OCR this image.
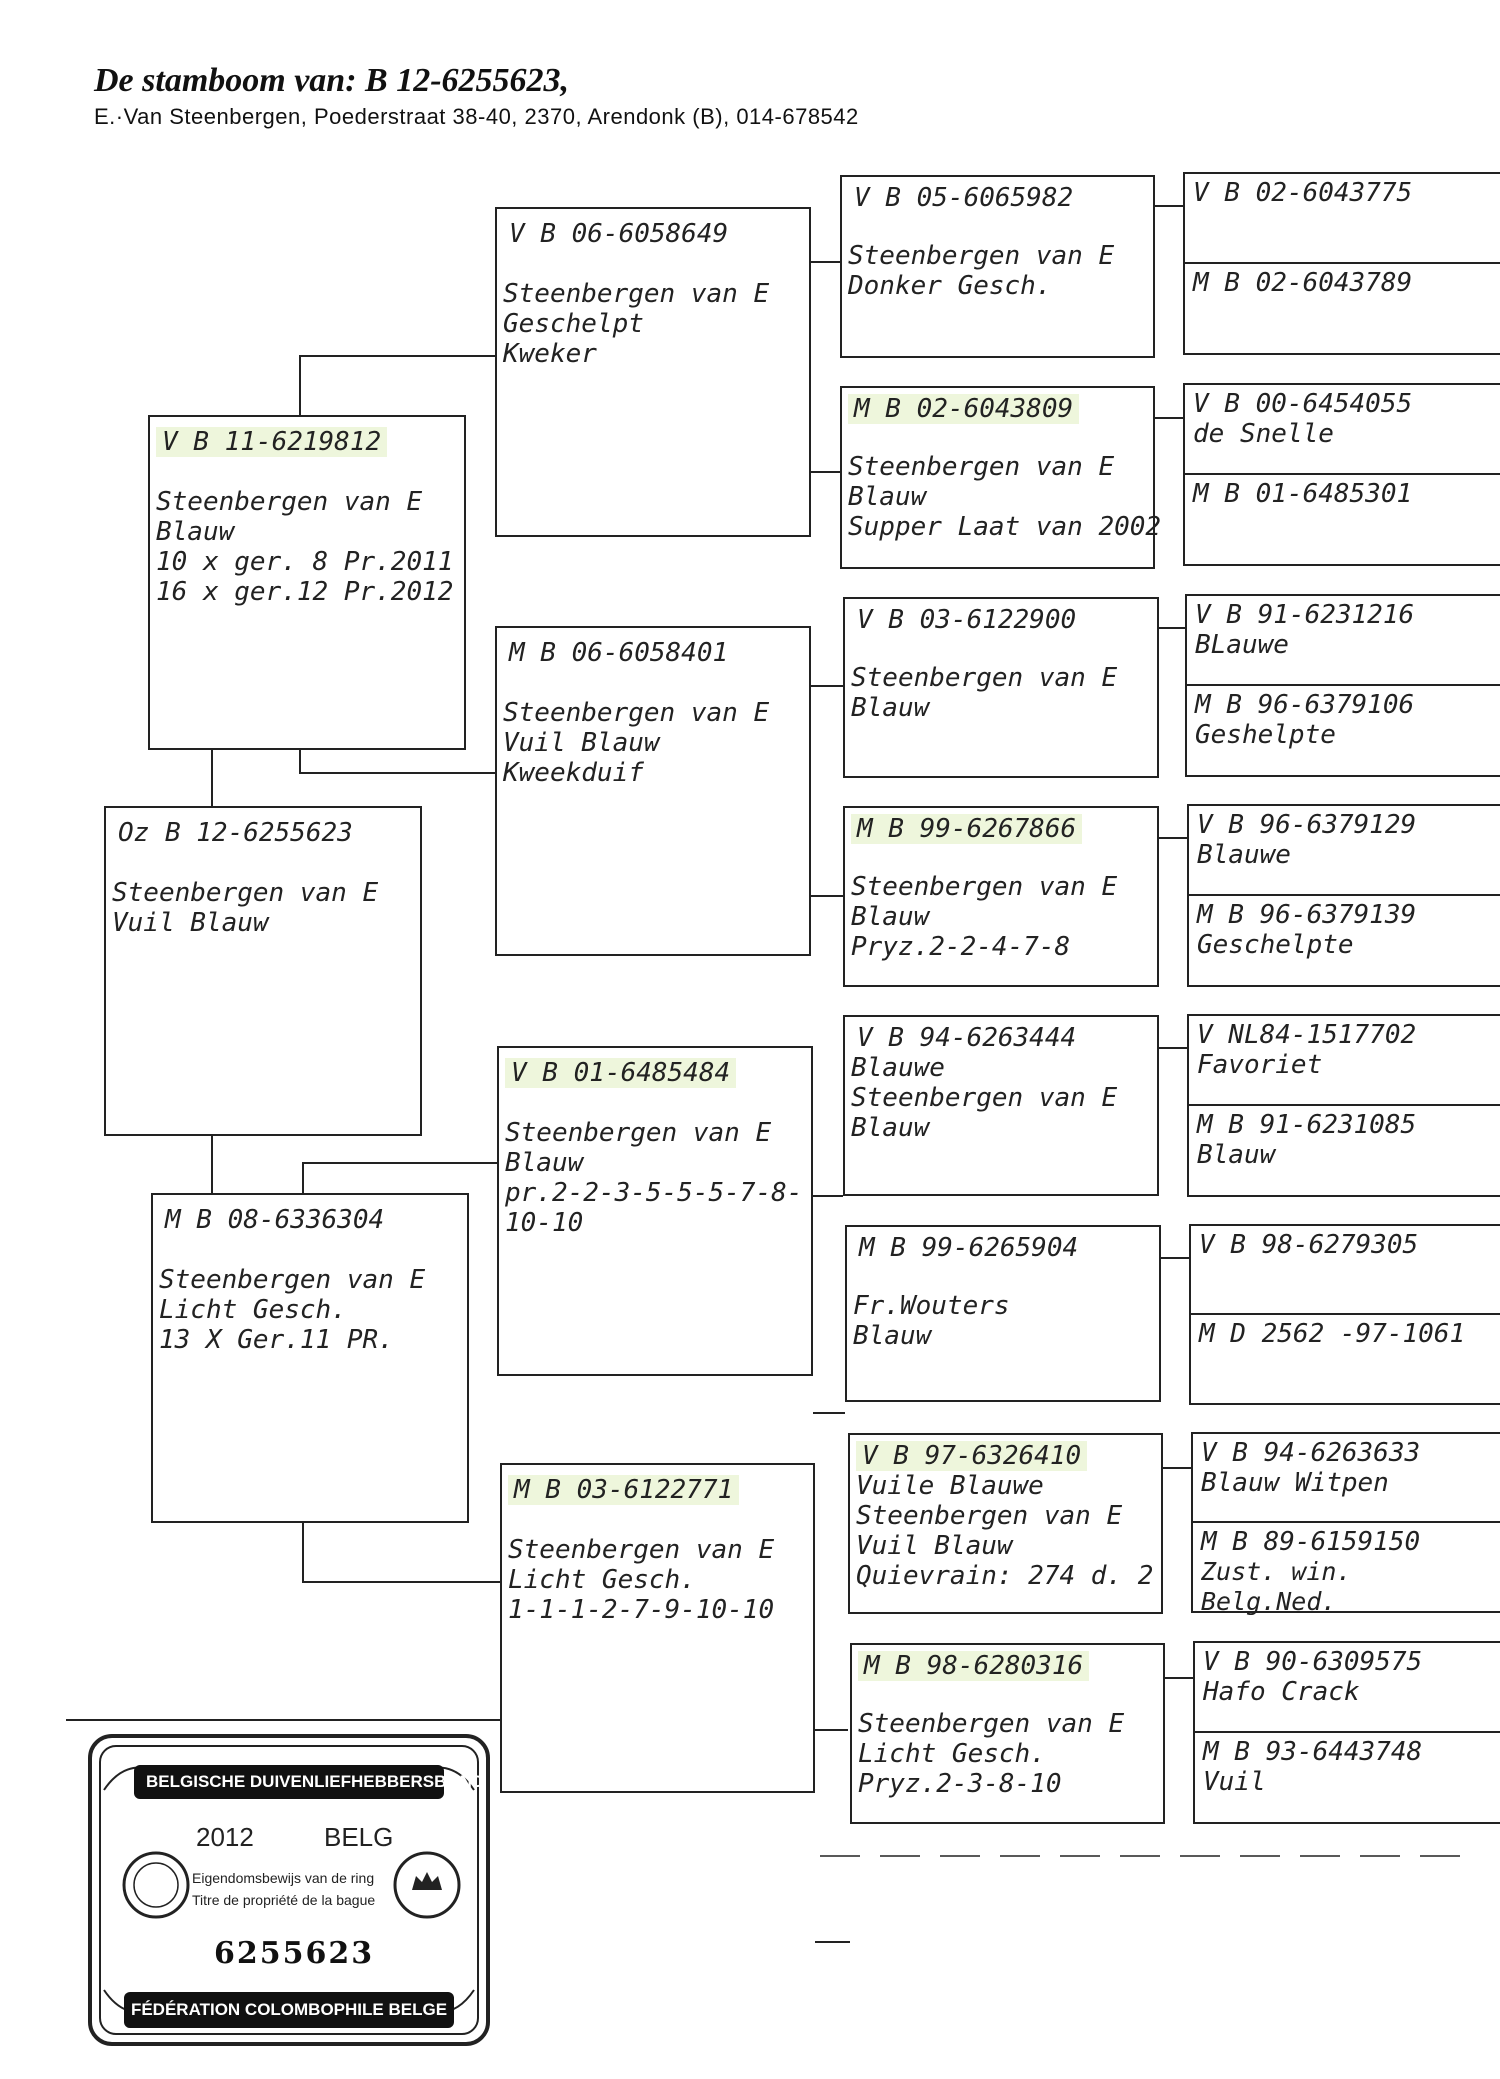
De stamboom van: B 12-6255623,
E.·Van Steenbergen, Poederstraat 38-40, 2370, Arendonk (B), 014-678542
Oz B 12-6255623
Steenbergen van E
Vuil Blauw
V B 11-6219812
Steenbergen van E
Blauw
10 x ger. 8 Pr.2011
16 x ger.12 Pr.2012
M B 08-6336304
Steenbergen van E
Licht Gesch.
13 X Ger.11 PR.
V B 06-6058649
Steenbergen van E
Geschelpt
Kweker
M B 06-6058401
Steenbergen van E
Vuil Blauw
Kweekduif
V B 01-6485484
Steenbergen van E
Blauw
pr.2-2-3-5-5-5-7-8-
10-10
M B 03-6122771
Steenbergen van E
Licht Gesch.
1-1-1-2-7-9-10-10
V B 05-6065982
Steenbergen van E
Donker Gesch.
M B 02-6043809
Steenbergen van E
Blauw
Supper Laat van 2002
V B 03-6122900
Steenbergen van E
Blauw
M B 99-6267866
Steenbergen van E
Blauw
Pryz.2-2-4-7-8
V B 94-6263444
Blauwe
Steenbergen van E
Blauw
M B 99-6265904
Fr.Wouters
Blauw
V B 97-6326410
Vuile Blauwe
Steenbergen van E
Vuil Blauw
Quievrain: 274 d. 2
M B 98-6280316
Steenbergen van E
Licht Gesch.
Pryz.2-3-8-10
V B 02-6043775
M B 02-6043789
V B 00-6454055
de Snelle
M B 01-6485301
V B 91-6231216
BLauwe
M B 96-6379106
Geshelpte
V B 96-6379129
Blauwe
M B 96-6379139
Geschelpte
V NL84-1517702
Favoriet
M B 91-6231085
Blauw
V B 98-6279305
M D 2562 -97-1061
V B 94-6263633
Blauw Witpen
M B 89-6159150
Zust. win. Belg.Ned.
V B 90-6309575
Hafo Crack
M B 93-6443748
Vuil
BELGISCHE DUIVENLIEFHEBBERSBOND
2012	BELG
Eigendomsbewijs van de ring
Titre de propriété de la bague
6255623
FÉDÉRATION COLOMBOPHILE BELGE
